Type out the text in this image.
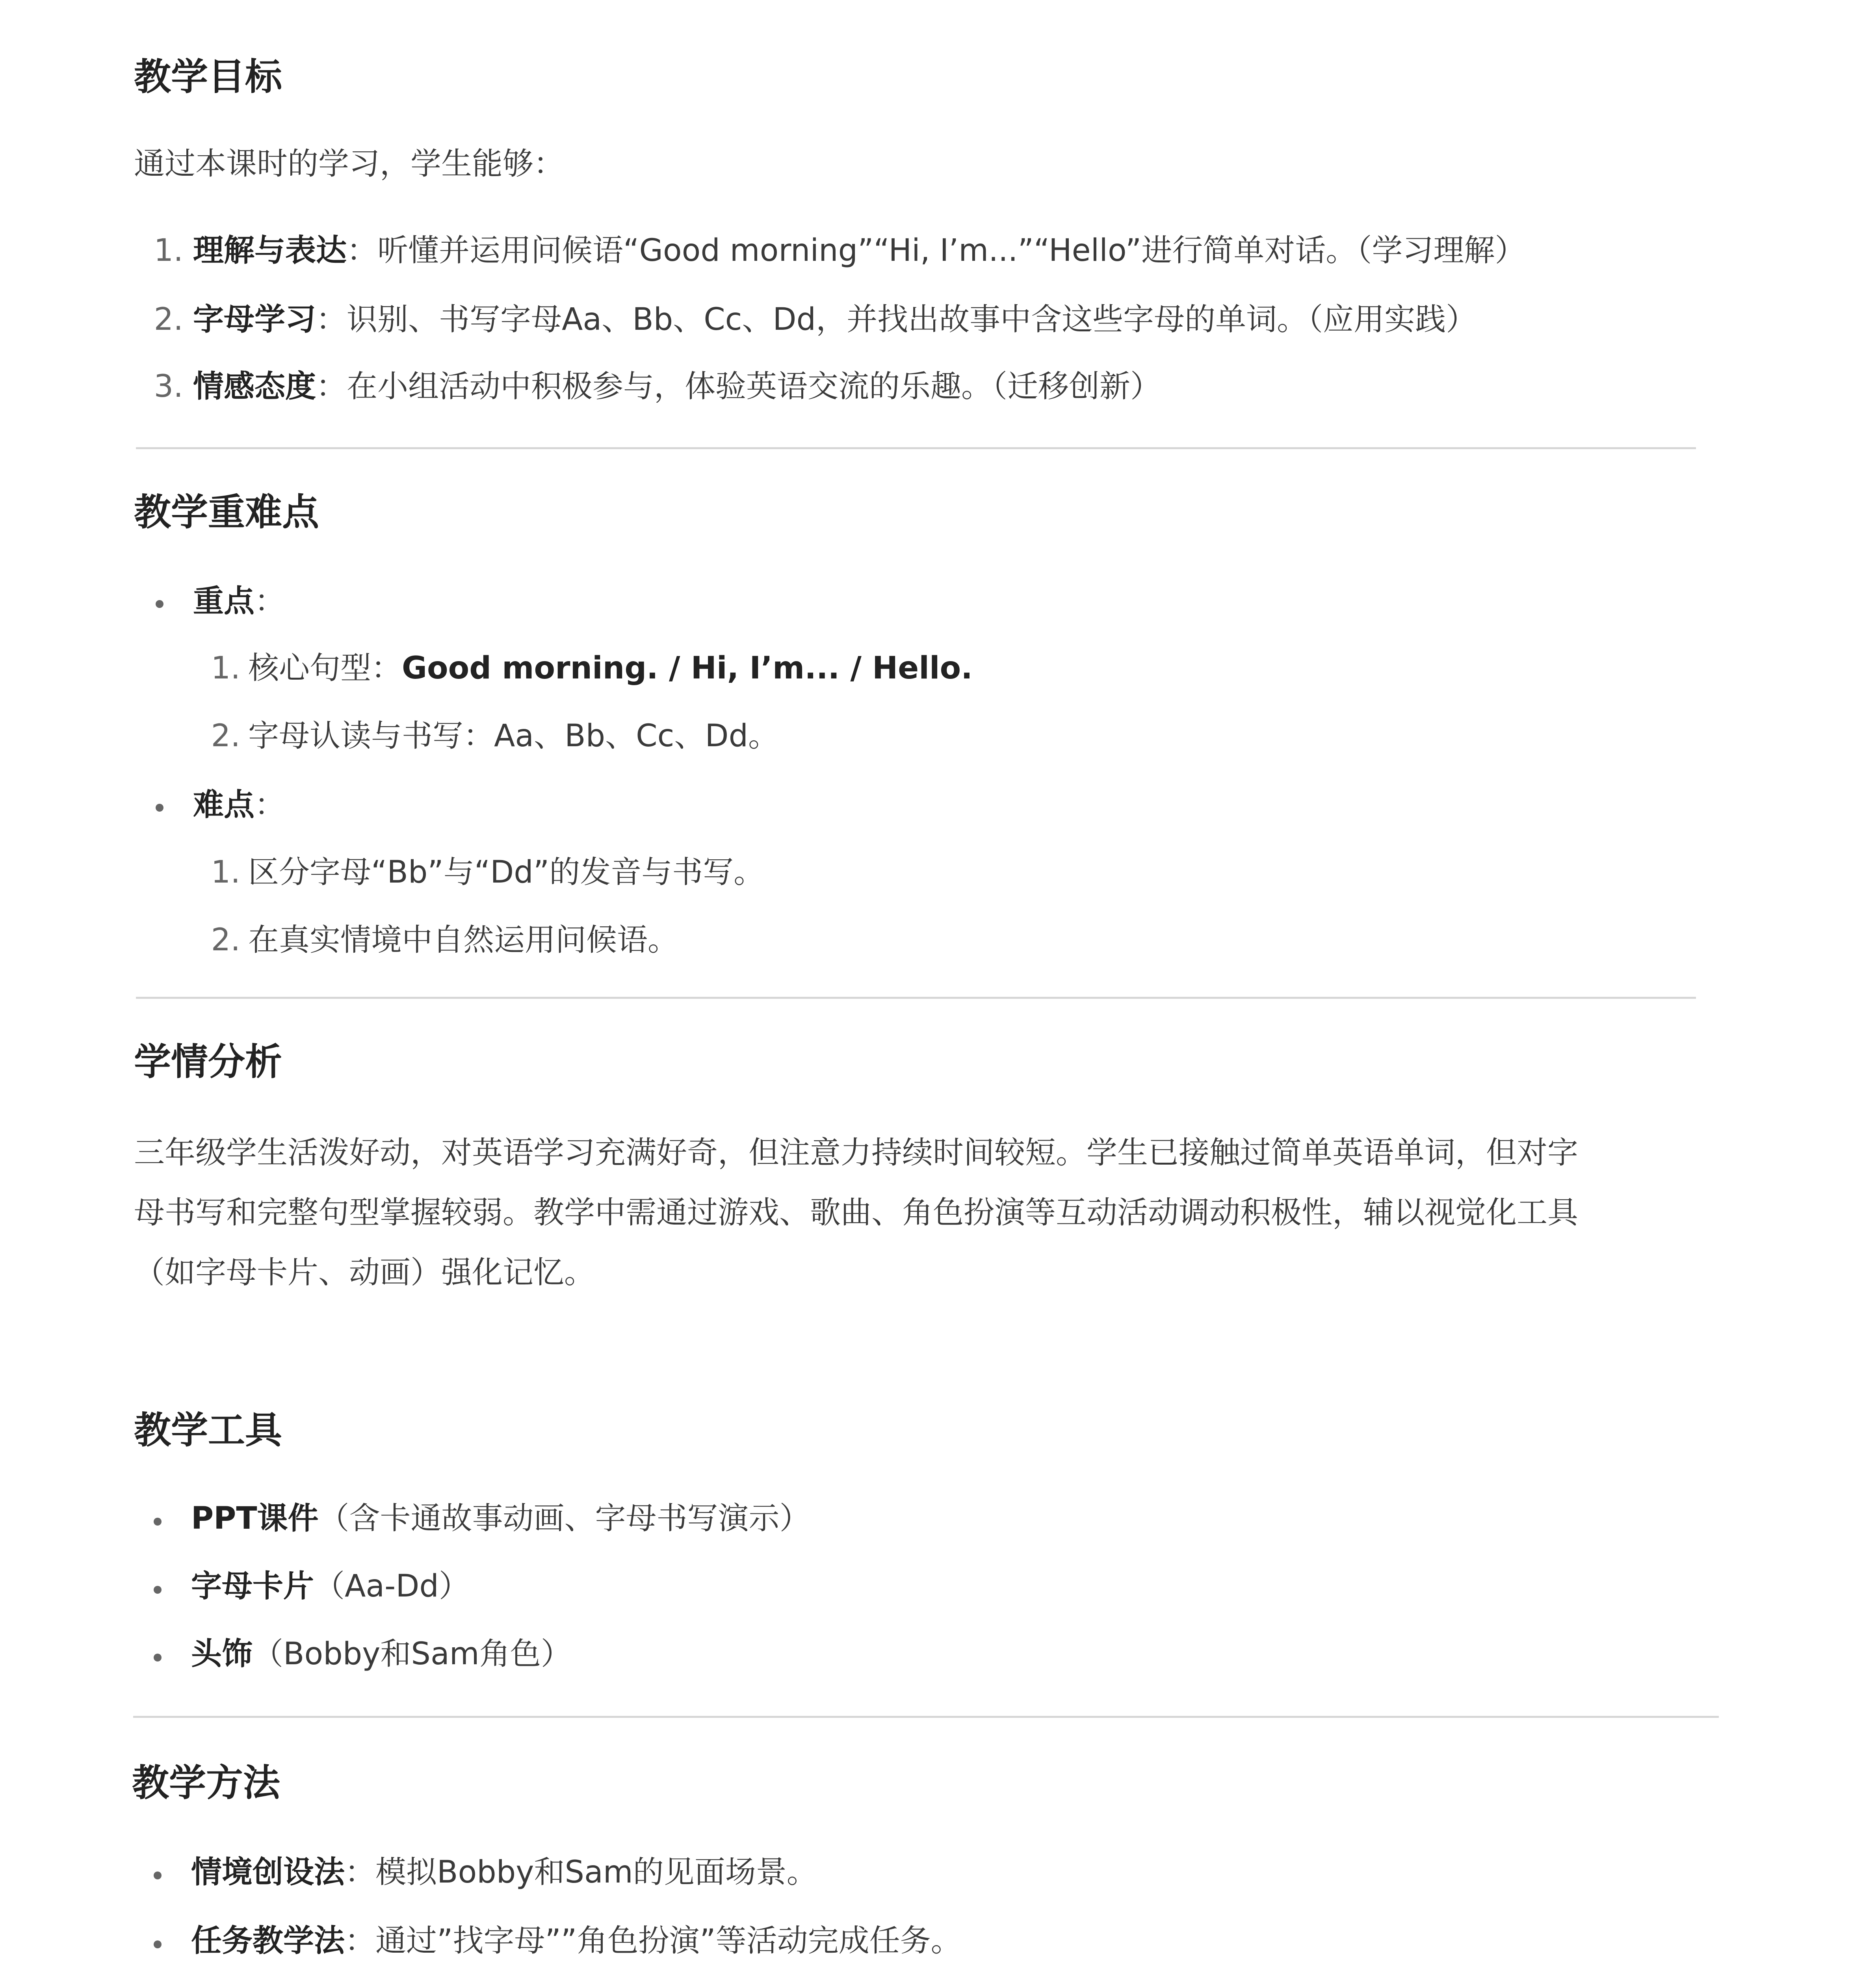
教学目标

通过本课时的学习，学生能够：

1. 理解与表达：听懂并运用问候语“Good morning”“Hi, I’m...”“Hello”进行简单对话。（学习理解）

2. 字母学习：识别、书写字母Aa、Bb、Cc、Dd，并找出故事中含这些字母的单词。（应用实践）

3. 情感态度：在小组活动中积极参与，体验英语交流的乐趣。（迁移创新）

教学重难点

重点：

1. 核心句型：Good morning. / Hi, I’m... / Hello.

2. 字母认读与书写：Aa、Bb、Cc、Dd。

难点：

1. 区分字母“Bb”与“Dd”的发音与书写。

2. 在真实情境中自然运用问候语。

学情分析
三年级学生活泼好动，对英语学习充满好奇，但注意力持续时间较短。学生已接触过简单英语单词，但对字
母书写和完整句型掌握较弱。教学中需通过游戏、歌曲、角色扮演等互动活动调动积极性，辅以视觉化工具
（如字母卡片、动画）强化记忆。
教学工具

PPT课件（含卡通故事动画、字母书写演示）

字母卡片（Aa-Dd）

头饰（Bobby和Sam角色）

教学方法

情境创设法：模拟Bobby和Sam的见面场景。

任务教学法：通过”找字母””角色扮演”等活动完成任务。
